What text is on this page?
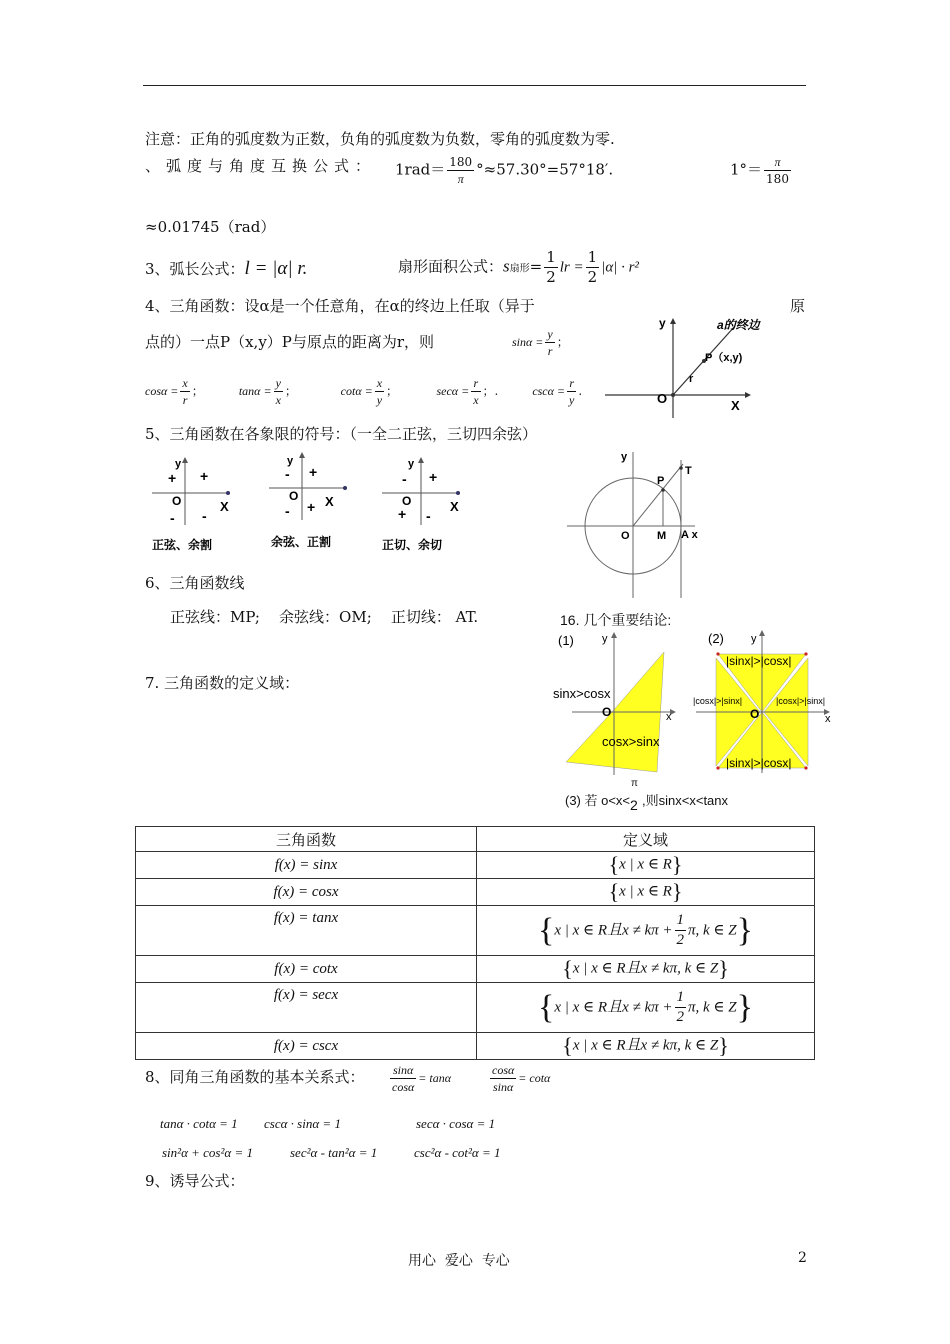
注意：正角的弧度数为正数，负角的弧度数为负数，零角的弧度数为零.
、弧度与角度互换公式： $1rad= \frac{180}{\pi} ^\circ\approx 57.30^\circ=57^\circ 18'$.	$1^\circ= \frac{\pi}{180}$
≈0.01745（rad）
3、弧长公式：l = |α| r.	扇形面积公式：s扇形= $\frac{1}{2}$ lr = $\frac{1}{2} |\alpha| \cdot r^2$
4、三角函数：设α是一个任意角，在α的终边上任取（异于	原
点的）一点P（x,y）P与原点的距离为r，则	$\sin\alpha = \frac{y}{r}$ ；
$\cos\alpha = \frac{x}{r}$ ；	$\tan\alpha = \frac{y}{x}$ ；	$\cot\alpha = \frac{x}{y}$ ；	$\sec\alpha = \frac{r}{x}$ ；.	$\csc\alpha = \frac{r}{y}$ .
y	a的终边
P（x,y)
r
O	X
5、三角函数在各象限的符号：（一全二正弦，三切四余弦）
y
+
+
- -
O	X
正弦、余割
y
+
-
- +
O X
余弦、正割
y
+
-
+ -
O	X
正切、余切
y
T
P
O M A x
6、三角函数线
正弦线：MP;    余弦线：OM;    正切线： AT.	16. 几个重要结论:
(1)	y
x
O
sinx>cosx
cosx>sinx
(2) y
x
O
|sinx|>|cosx|
|sinx|>|cosx|
|cosx|>|sinx|	|cosx|>|sinx|
(3) 若 o<x<
π
2 ,则sinx<x<tanx
7. 三角函数的定义域：
三角函数	定义域
f(x) = sinx	{x | x ∈ R}
f(x) = cosx	{x | x ∈ R}
f(x) = tanx	{x | x ∈ R且$x \ne k\pi + \frac{1}{2} \pi$, k ∈ Z}
f(x) = cotx	{x | x ∈ R且x ≠ kπ, k ∈ Z}
f(x) = secx	{x | x ∈ R且$x \ne k\pi + \frac{1}{2} \pi$, k ∈ Z}
f(x) = cscx	{x | x ∈ R且x ≠ kπ, k ∈ Z}
8、同角三角函数的基本关系式： $\frac{\sin\alpha}{\cos\alpha} = \tan\alpha$	$\frac{\cos\alpha}{\sin\alpha} = \cot\alpha$
tanα · cotα = 1 cscα · sinα = 1	secα · cosα = 1
sin²α + cos²α = 1	sec²α - tan²α = 1	csc²α - cot²α = 1
9、诱导公式：
用心  爱心  专心	2
